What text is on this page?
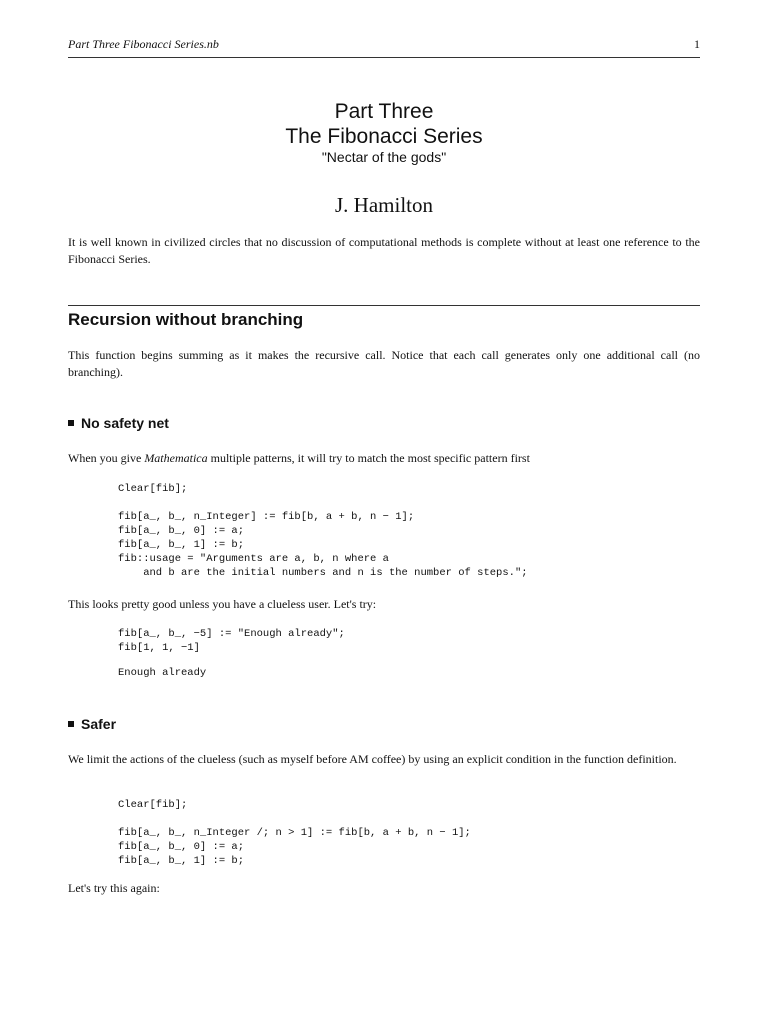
Part Three Fibonacci Series.nb	1
Part Three
The Fibonacci Series
"Nectar of the gods"
J. Hamilton
It is well known in civilized circles that no discussion of computational methods is complete without at least one reference to the Fibonacci Series.
Recursion without branching
This function begins summing as it makes the recursive call. Notice that each call generates only one additional call (no branching).
No safety net
When you give Mathematica multiple patterns, it will try to match the most specific pattern first
Clear[fib];
fib[a_, b_, n_Integer] := fib[b, a + b, n − 1];
fib[a_, b_, 0] := a;
fib[a_, b_, 1] := b;
fib::usage = "Arguments are a, b, n where a
and b are the initial numbers and n is the number of steps.";
This looks pretty good unless you have a clueless user. Let's try:
fib[a_, b_, −5] := "Enough already";
fib[1, 1, −1]
Enough already
Safer
We limit the actions of the clueless (such as myself before AM coffee) by using an explicit condition in the function definition.
Clear[fib];
fib[a_, b_, n_Integer /; n > 1] := fib[b, a + b, n − 1];
fib[a_, b_, 0] := a;
fib[a_, b_, 1] := b;
Let's try this again:
